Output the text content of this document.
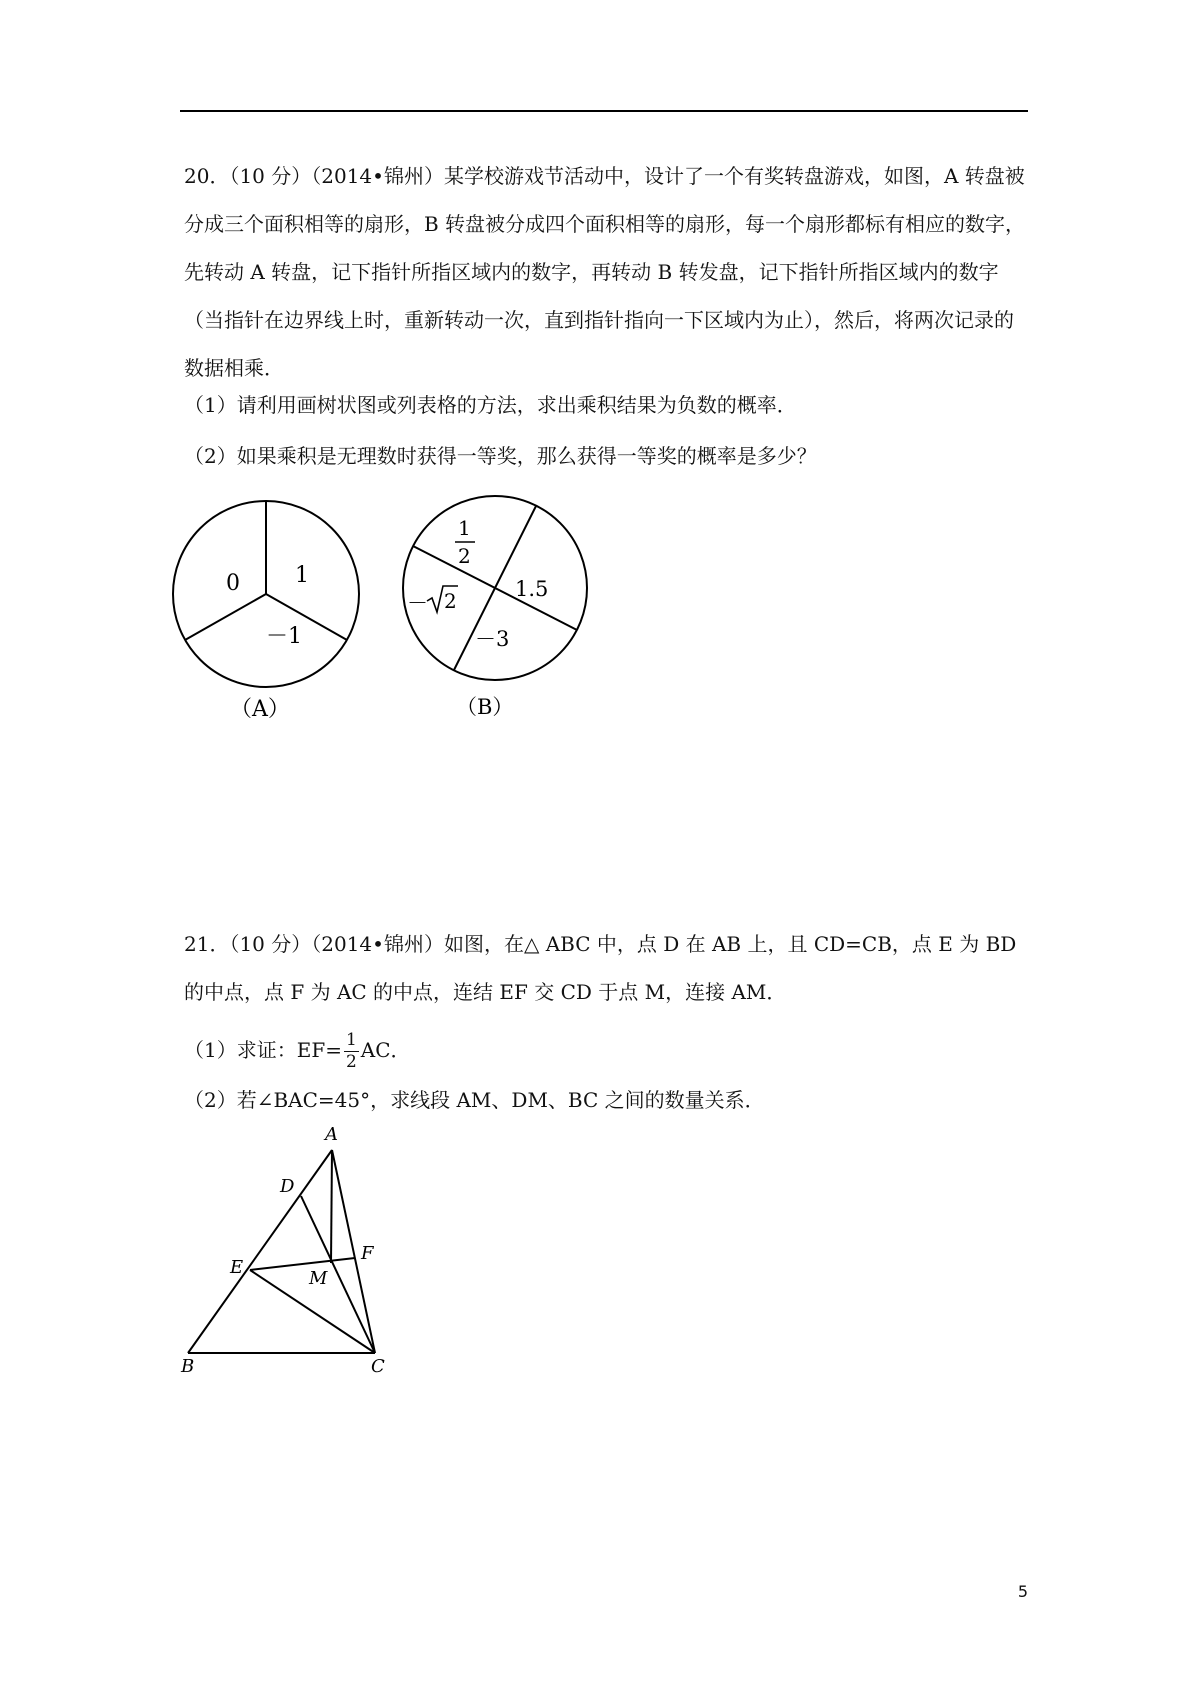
20．（10 分）（2014•锦州）某学校游戏节活动中，设计了一个有奖转盘游戏，如图，A 转盘被分成三个面积相等的扇形，B 转盘被分成四个面积相等的扇形，每一个扇形都标有相应的数字，先转动 A 转盘，记下指针所指区域内的数字，再转动 B 转发盘，记下指针所指区域内的数字（当指针在边界线上时，重新转动一次，直到指针指向一下区域内为止），然后，将两次记录的数据相乘．

（1）请利用画树状图或列表格的方法，求出乘积结果为负数的概率．

（2）如果乘积是无理数时获得一等奖，那么获得一等奖的概率是多少？

0	1
－1
（A）
1
2
1.5
－3
－ 2
（B）

21．（10 分）（2014•锦州）如图，在△ ABC 中，点 D 在 AB 上，且 CD=CB，点 E 为 BD 的中点，点 F 为 AC 的中点，连结 EF 交 CD 于点 M，连接 AM．

（1）求证：$EF= \frac{1}{2}$ AC．

（2）若∠BAC=45°，求线段 AM、DM、BC 之间的数量关系．

A
D
E
F
M
B	C
5
